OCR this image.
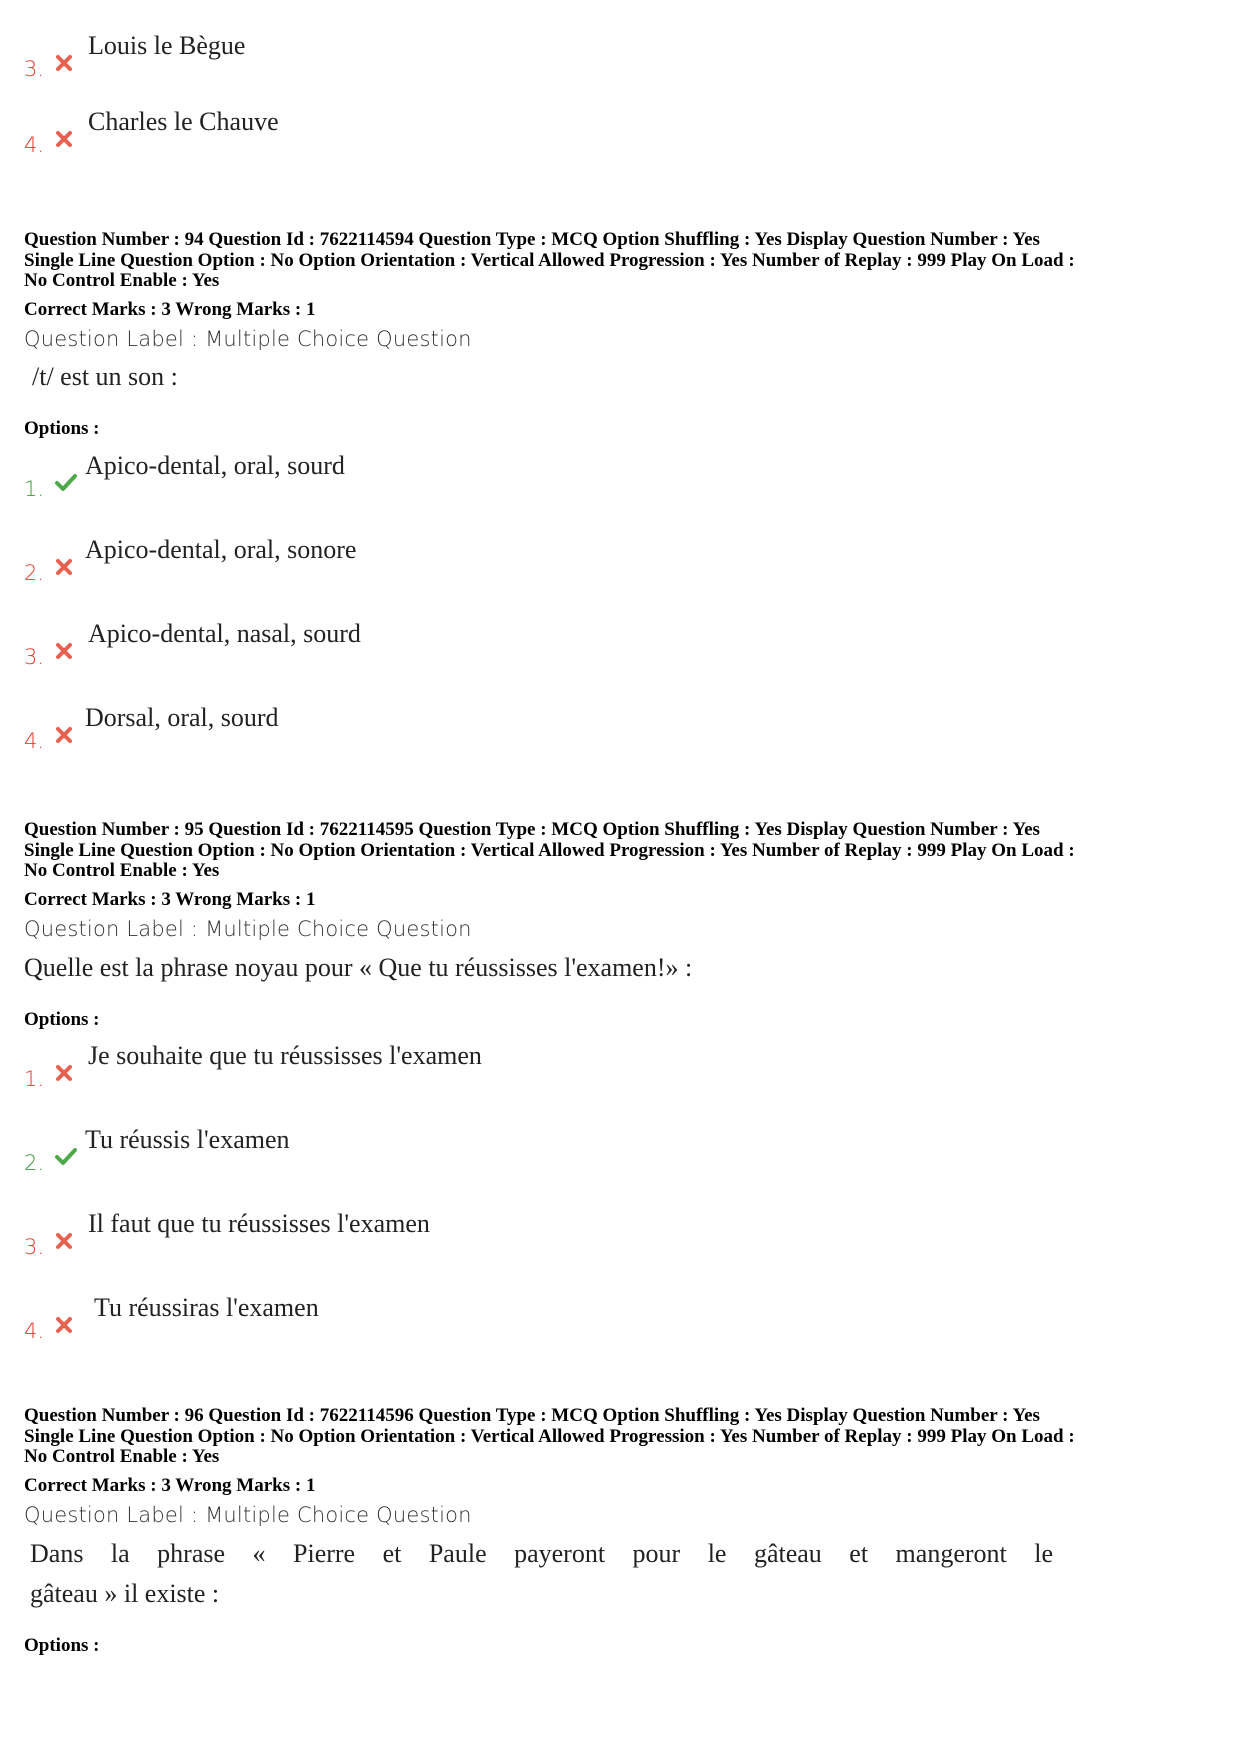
3.
Louis le Bègue
4.
Charles le Chauve
Question Number : 94 Question Id : 7622114594 Question Type : MCQ Option Shuffling : Yes Display Question Number : Yes
Single Line Question Option : No Option Orientation : Vertical Allowed Progression : Yes Number of Replay : 999 Play On Load :
No Control Enable : Yes
Correct Marks : 3 Wrong Marks : 1
Question Label : Multiple Choice Question
/t/ est un son :
Options :
1.
Apico-dental, oral, sourd
2.
Apico-dental, oral, sonore
3.
Apico-dental, nasal, sourd
4.
Dorsal, oral, sourd
Question Number : 95 Question Id : 7622114595 Question Type : MCQ Option Shuffling : Yes Display Question Number : Yes
Single Line Question Option : No Option Orientation : Vertical Allowed Progression : Yes Number of Replay : 999 Play On Load :
No Control Enable : Yes
Correct Marks : 3 Wrong Marks : 1
Question Label : Multiple Choice Question
Quelle est la phrase noyau pour « Que tu réussisses l'examen!» :
Options :
1.
Je souhaite que tu réussisses l'examen
2.
Tu réussis l'examen
3.
Il faut que tu réussisses l'examen
4.
Tu réussiras l'examen
Question Number : 96 Question Id : 7622114596 Question Type : MCQ Option Shuffling : Yes Display Question Number : Yes
Single Line Question Option : No Option Orientation : Vertical Allowed Progression : Yes Number of Replay : 999 Play On Load :
No Control Enable : Yes
Correct Marks : 3 Wrong Marks : 1
Question Label : Multiple Choice Question
Dans la phrase « Pierre et Paule payeront pour le gâteau et mangeront le
gâteau » il existe :
Options :
